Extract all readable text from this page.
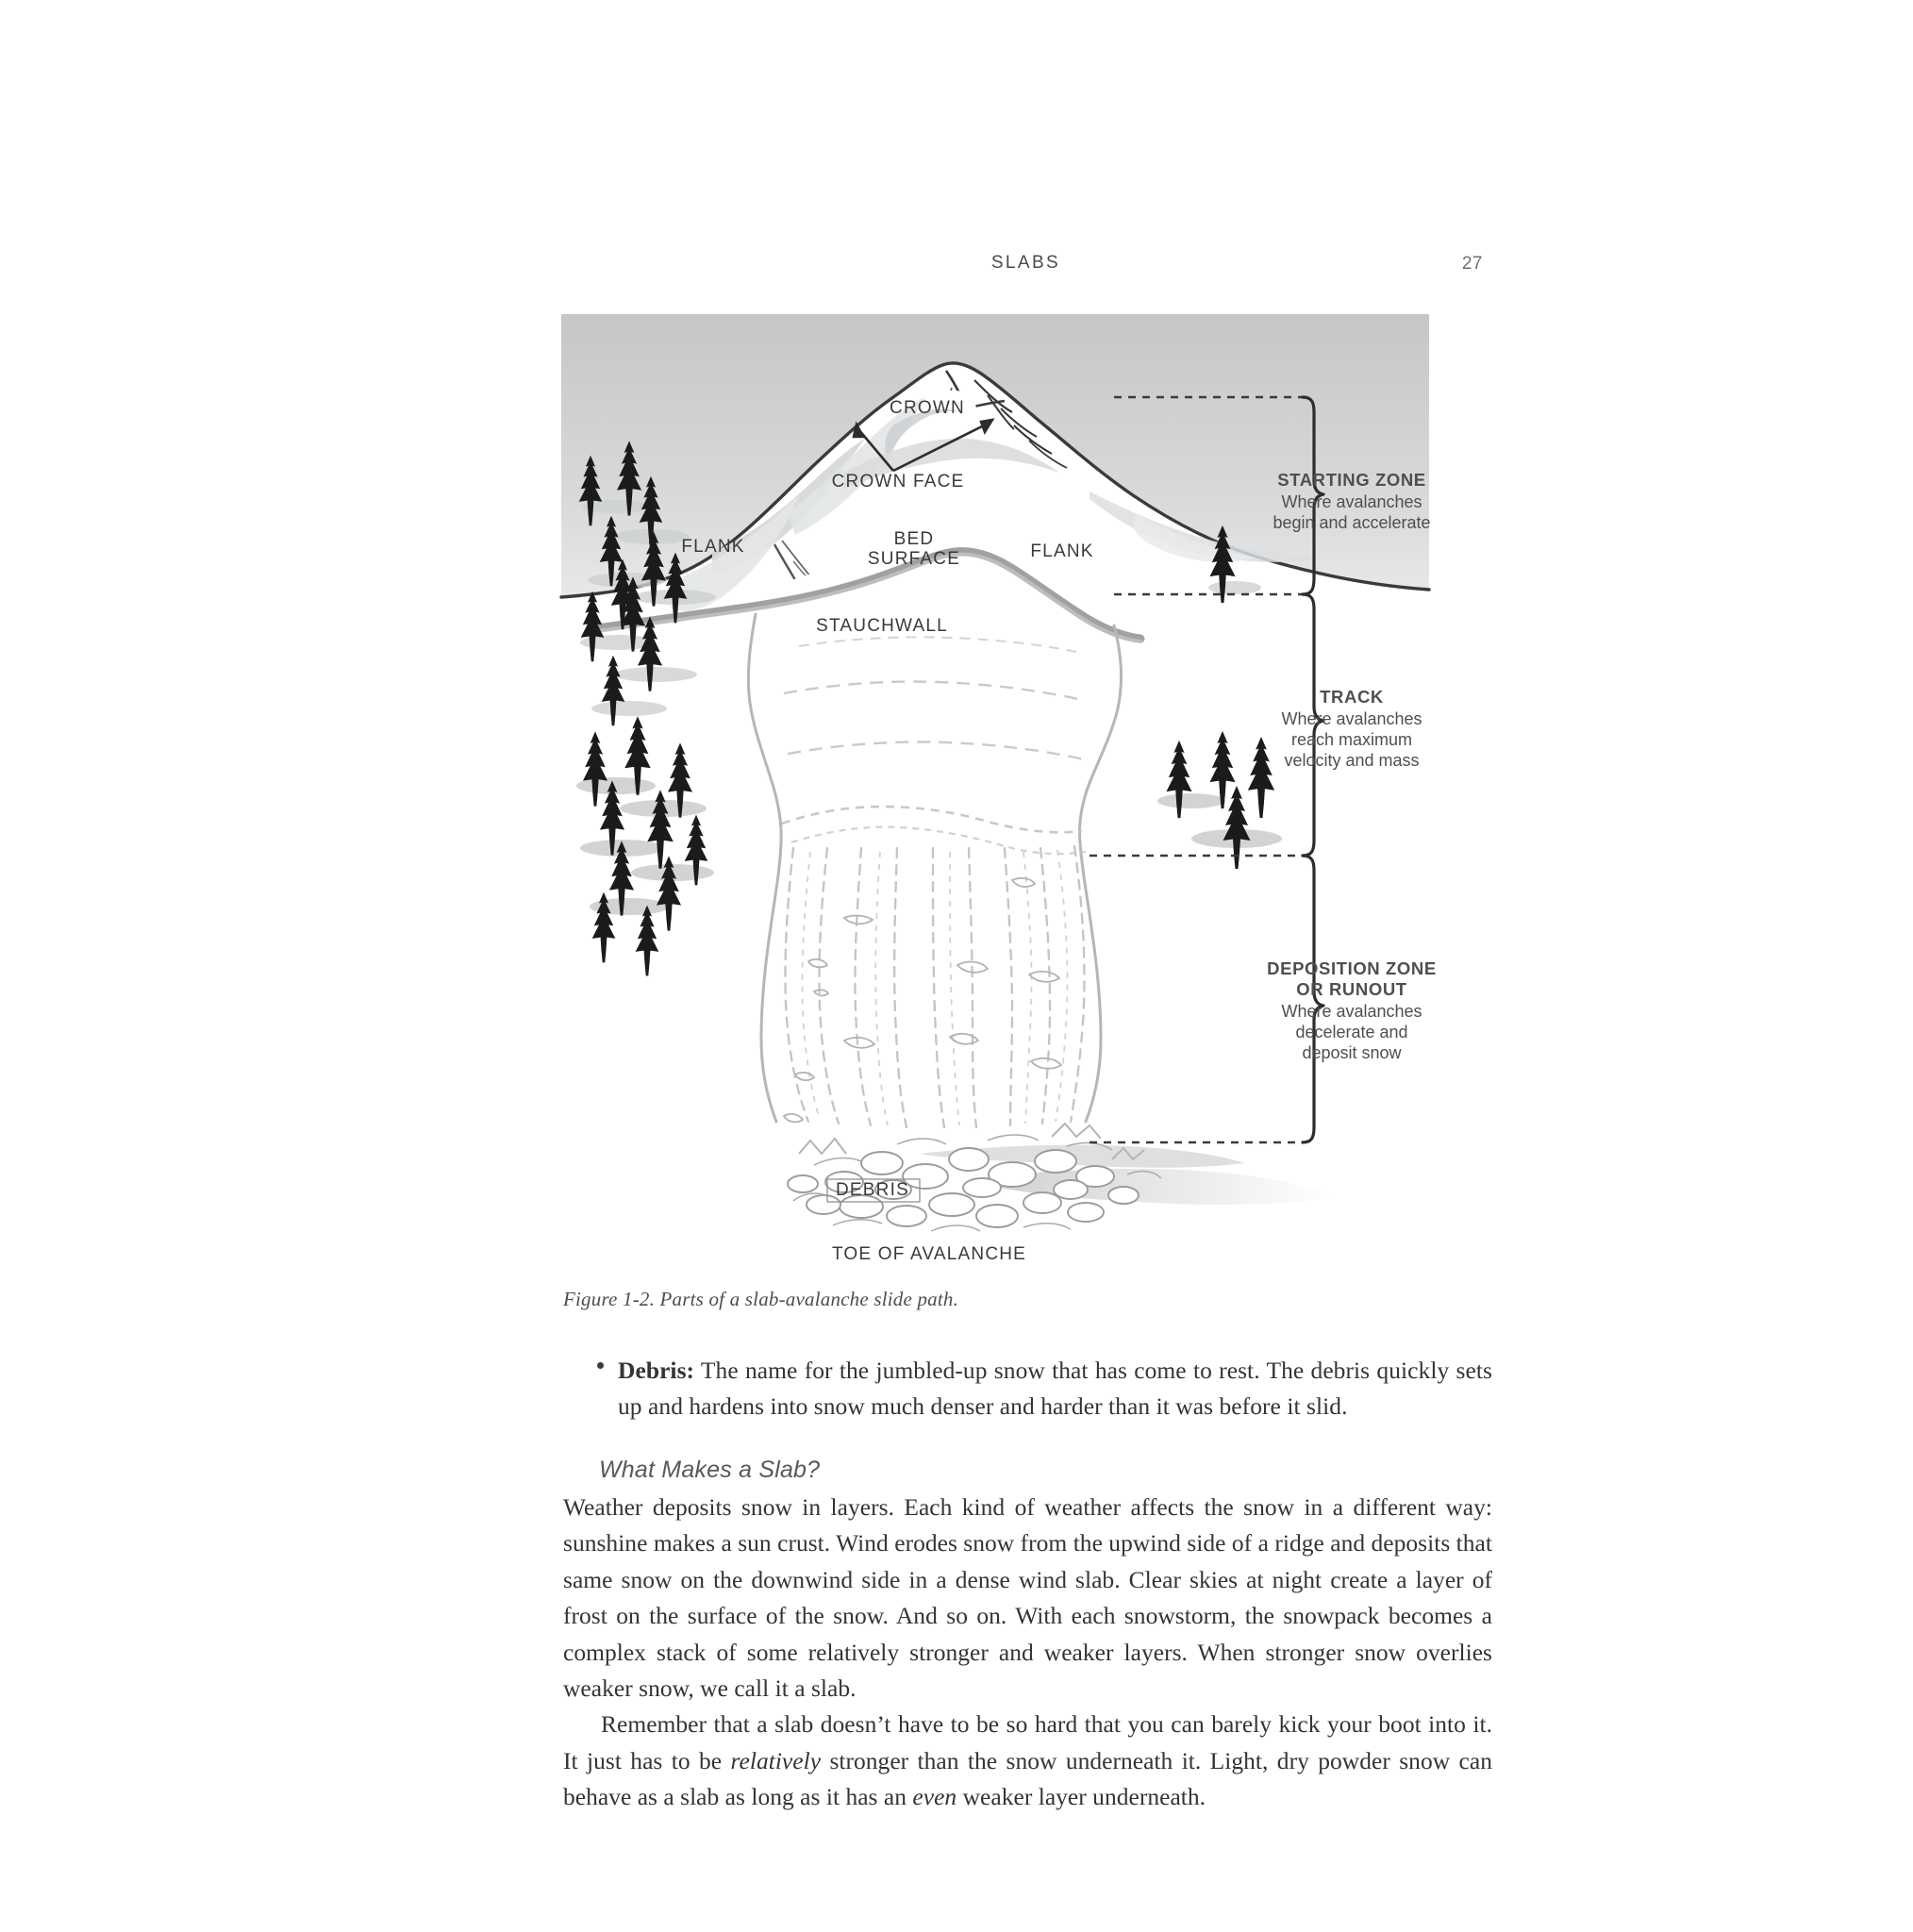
SLABS	27
CROWN
CROWN FACE
FLANK	FLANK
BED
SURFACE
STAUCHWALL
DEBRIS
TOE OF AVALANCHE
STARTING ZONE
Where avalanches
begin and accelerate
TRACK
Where avalanches
reach maximum
velocity and mass
DEPOSITION ZONE
OR RUNOUT
Where avalanches
decelerate and
deposit snow
Figure 1-2. Parts of a slab-avalanche slide path.
Debris: The name for the jumbled-up snow that has come to rest. The debris quickly sets up and hardens into snow much denser and harder than it was before it slid.
What Makes a Slab?
Weather deposits snow in layers. Each kind of weather affects the snow in a different way: sunshine makes a sun crust. Wind erodes snow from the upwind side of a ridge and deposits that same snow on the downwind side in a dense wind slab. Clear skies at night create a layer of frost on the surface of the snow. And so on. With each snowstorm, the snowpack becomes a complex stack of some relatively stronger and weaker layers. When stronger snow overlies weaker snow, we call it a slab.
Remember that a slab doesn’t have to be so hard that you can barely kick your boot into it. It just has to be relatively stronger than the snow underneath it. Light, dry powder snow can behave as a slab as long as it has an even weaker layer underneath.
